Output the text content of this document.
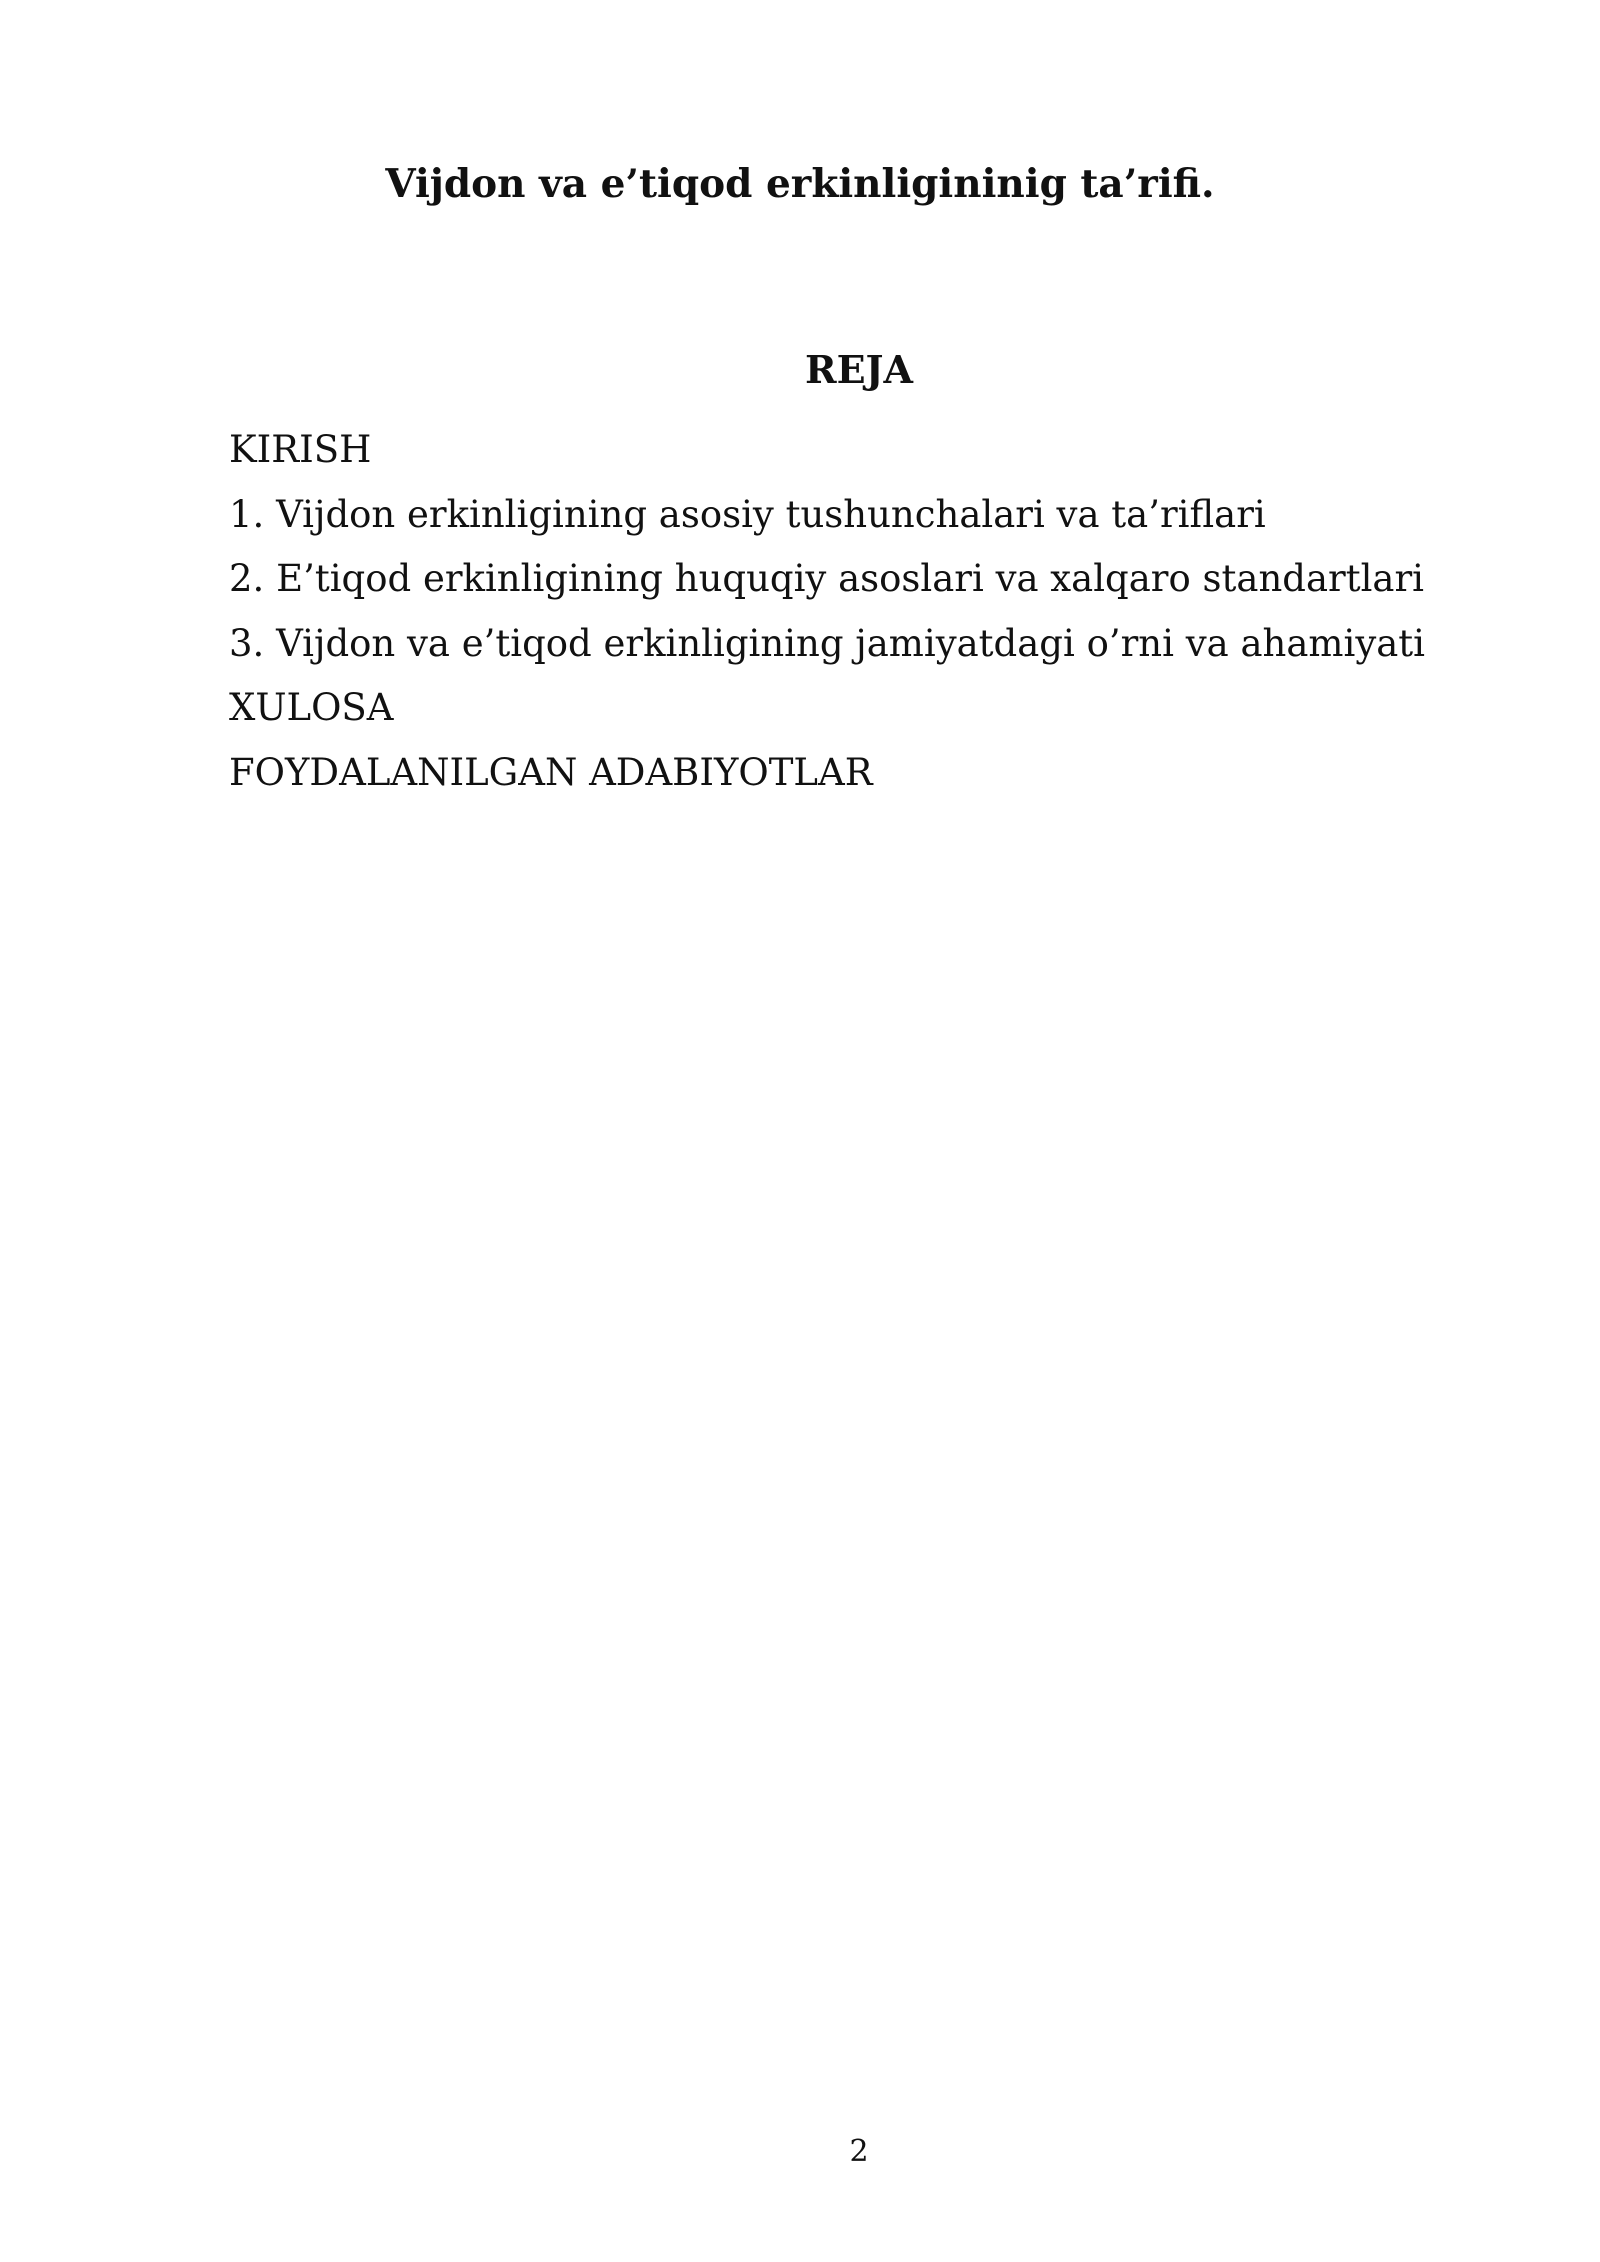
Vijdon va e’tiqod erkinligininig ta’rifi.
REJA
KIRISH
1. Vijdon erkinligining asosiy tushunchalari va ta’riflari
2. E’tiqod erkinligining huquqiy asoslari va xalqaro standartlari
3. Vijdon va e’tiqod erkinligining jamiyatdagi o’rni va ahamiyati
XULOSA
FOYDALANILGAN ADABIYOTLAR
2
